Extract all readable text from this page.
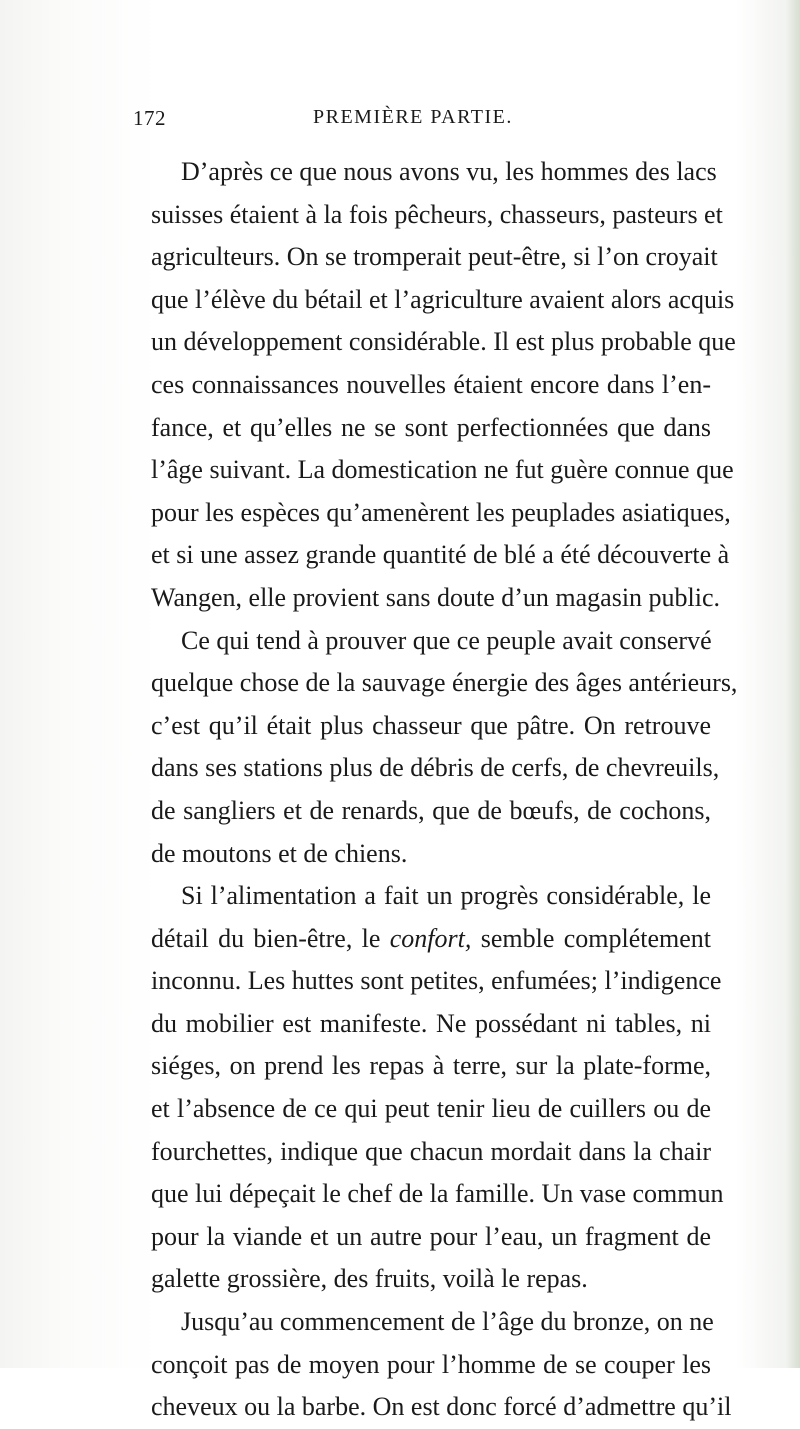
172	PREMIÈRE PARTIE.
D’après ce que nous avons vu, les hommes des lacs
suisses étaient à la fois pêcheurs, chasseurs, pasteurs et
agriculteurs. On se tromperait peut-être, si l’on croyait
que l’élève du bétail et l’agriculture avaient alors acquis
un développement considérable. Il est plus probable que
ces connaissances nouvelles étaient encore dans l’en-
fance, et qu’elles ne se sont perfectionnées que dans
l’âge suivant. La domestication ne fut guère connue que
pour les espèces qu’amenèrent les peuplades asiatiques,
et si une assez grande quantité de blé a été découverte à
Wangen, elle provient sans doute d’un magasin public.
Ce qui tend à prouver que ce peuple avait conservé
quelque chose de la sauvage énergie des âges antérieurs,
c’est qu’il était plus chasseur que pâtre. On retrouve
dans ses stations plus de débris de cerfs, de chevreuils,
de sangliers et de renards, que de bœufs, de cochons,
de moutons et de chiens.
Si l’alimentation a fait un progrès considérable, le
détail du bien-être, le confort, semble complétement
inconnu. Les huttes sont petites, enfumées; l’indigence
du mobilier est manifeste. Ne possédant ni tables, ni
siéges, on prend les repas à terre, sur la plate-forme,
et l’absence de ce qui peut tenir lieu de cuillers ou de
fourchettes, indique que chacun mordait dans la chair
que lui dépeçait le chef de la famille. Un vase commun
pour la viande et un autre pour l’eau, un fragment de
galette grossière, des fruits, voilà le repas.
Jusqu’au commencement de l’âge du bronze, on ne
conçoit pas de moyen pour l’homme de se couper les
cheveux ou la barbe. On est donc forcé d’admettre qu’il
